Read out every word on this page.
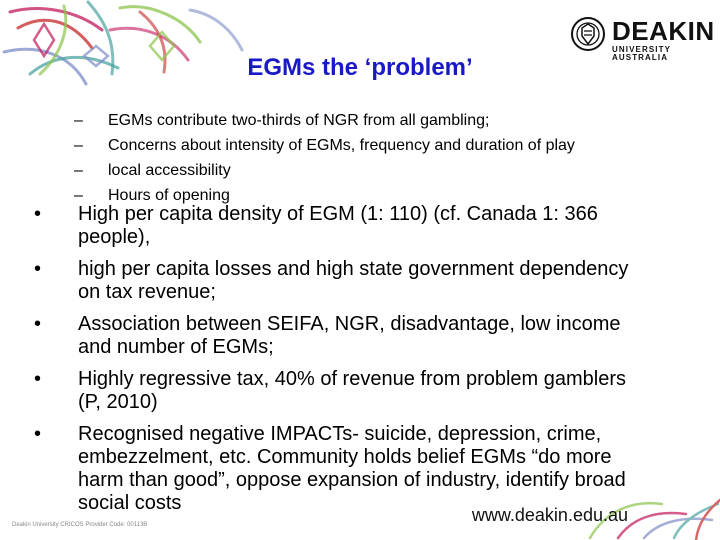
DEAKIN
UNIVERSITY AUSTRALIA
EGMs the ‘problem’
–	EGMs contribute two-thirds of NGR from all gambling;
–	Concerns about intensity of EGMs, frequency and duration of play
–	local accessibility
–	Hours of opening
•	High per capita density of EGM (1: 110) (cf. Canada 1: 366 people),
•	high per capita losses and high state government dependency on tax revenue;
•	Association between SEIFA, NGR, disadvantage, low income and number of EGMs;
•	Highly regressive tax, 40% of revenue from problem gamblers (P, 2010)
•	Recognised negative IMPACTs- suicide, depression, crime, embezzelment, etc. Community holds belief EGMs “do more harm than good”, oppose expansion of industry, identify broad social costs
www.deakin.edu.au
Deakin University CRICOS Provider Code: 00113B
